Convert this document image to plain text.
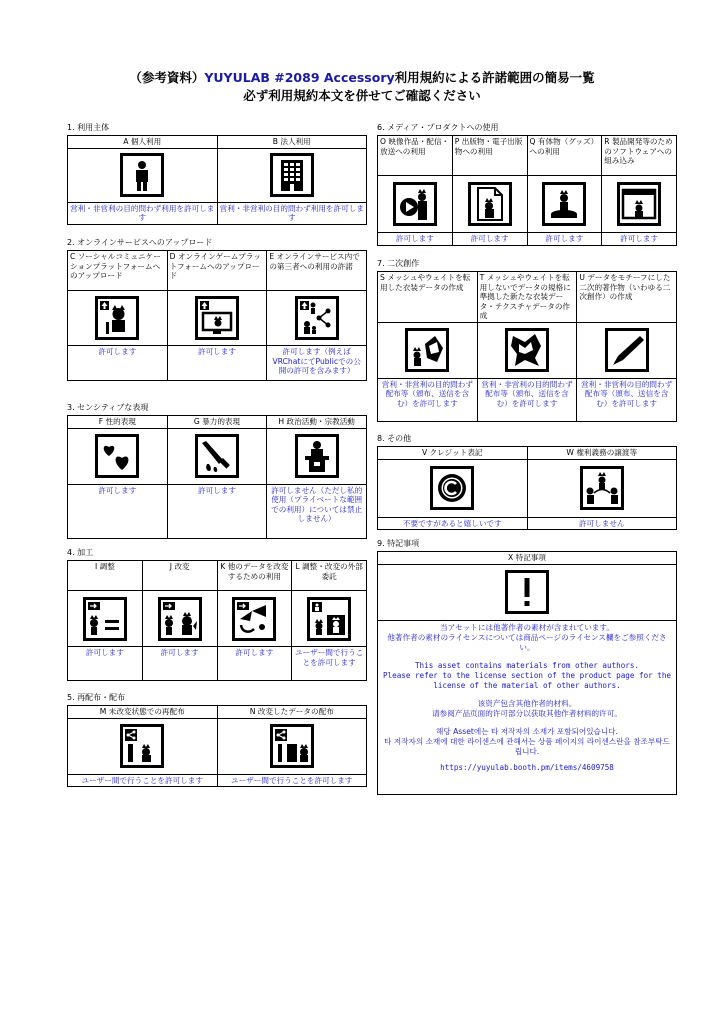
（参考資料）YUYULAB #2089 Accessory利用規約による許諾範囲の簡易一覧
必ず利用規約本文を併せてご確認ください
1. 利用主体
A 個人利用	B 法人利用

営利・非営利の目的問わず利用を許可します	営利・非営利の目的問わず利用を許可します
2. オンラインサービスへのアップロード
C ソーシャルコミュニケーションプラットフォームへのアップロード	D オンラインゲームプラットフォームへのアップロード	E オンラインサービス内での第三者への利用の許諾

許可します	許可します	許可します（例えばVRChatにてPublicでの公開の許可を含みます）
3. センシティブな表現
F 性的表現	G 暴力的表現	H 政治活動・宗教活動

許可します	許可します	許可しません（ただし私的使用（プライベートな範囲での利用）については禁止しません）
4. 加工
I 調整	J 改変	K 他のデータを改変するための利用	L 調整・改変の外部委託

許可します	許可します	許可します	ユーザー間で行うことを許可します
5. 再配布・配布
M 未改変状態での再配布	N 改変したデータの配布

ユーザー間で行うことを許可します	ユーザー間で行うことを許可します
6. メディア・プロダクトへの使用
O 映像作品・配信・放送への利用	P 出版物・電子出版物への利用	Q 有体物（グッズ）への利用	R 製品開発等のためのソフトウェアへの組み込み

許可します	許可します	許可します	許可します
7. 二次創作
S メッシュやウェイトを転用した衣装データの作成	T メッシュやウェイトを転用しないでデータの規格に準拠した新たな衣装データ・テクスチャデータの作成	U データをモチーフにした二次的著作物（いわゆる二次創作）の作成

営利・非営利の目的問わず配布等（頒布、送信を含む）を許可します	営利・非営利の目的問わず配布等（頒布、送信を含む）を許可します	営利・非営利の目的問わず配布等（頒布、送信を含む）を許可します
8. その他
V クレジット表記	W 権利義務の譲渡等

不要ですがあると嬉しいです	許可しません
9. 特記事項
X 特記事項

当アセットには他著作者の素材が含まれています。
他著作者の素材のライセンスについては商品ページのライセンス欄をご参照ください。
This asset contains materials from other authors.
Please refer to the license section of the product page for the license of the material of other authors.
该资产包含其他作者的材料。
请参阅产品页面的许可部分以获取其他作者材料的许可。
해당 Asset에는 타 저작자의 소재가 포함되어있습니다.
타 저작자의 소재에 대한 라이센스에 관해서는 상품 페이지의 라이센스란을 참조부탁드립니다.
https://yuyulab.booth.pm/items/4609758
